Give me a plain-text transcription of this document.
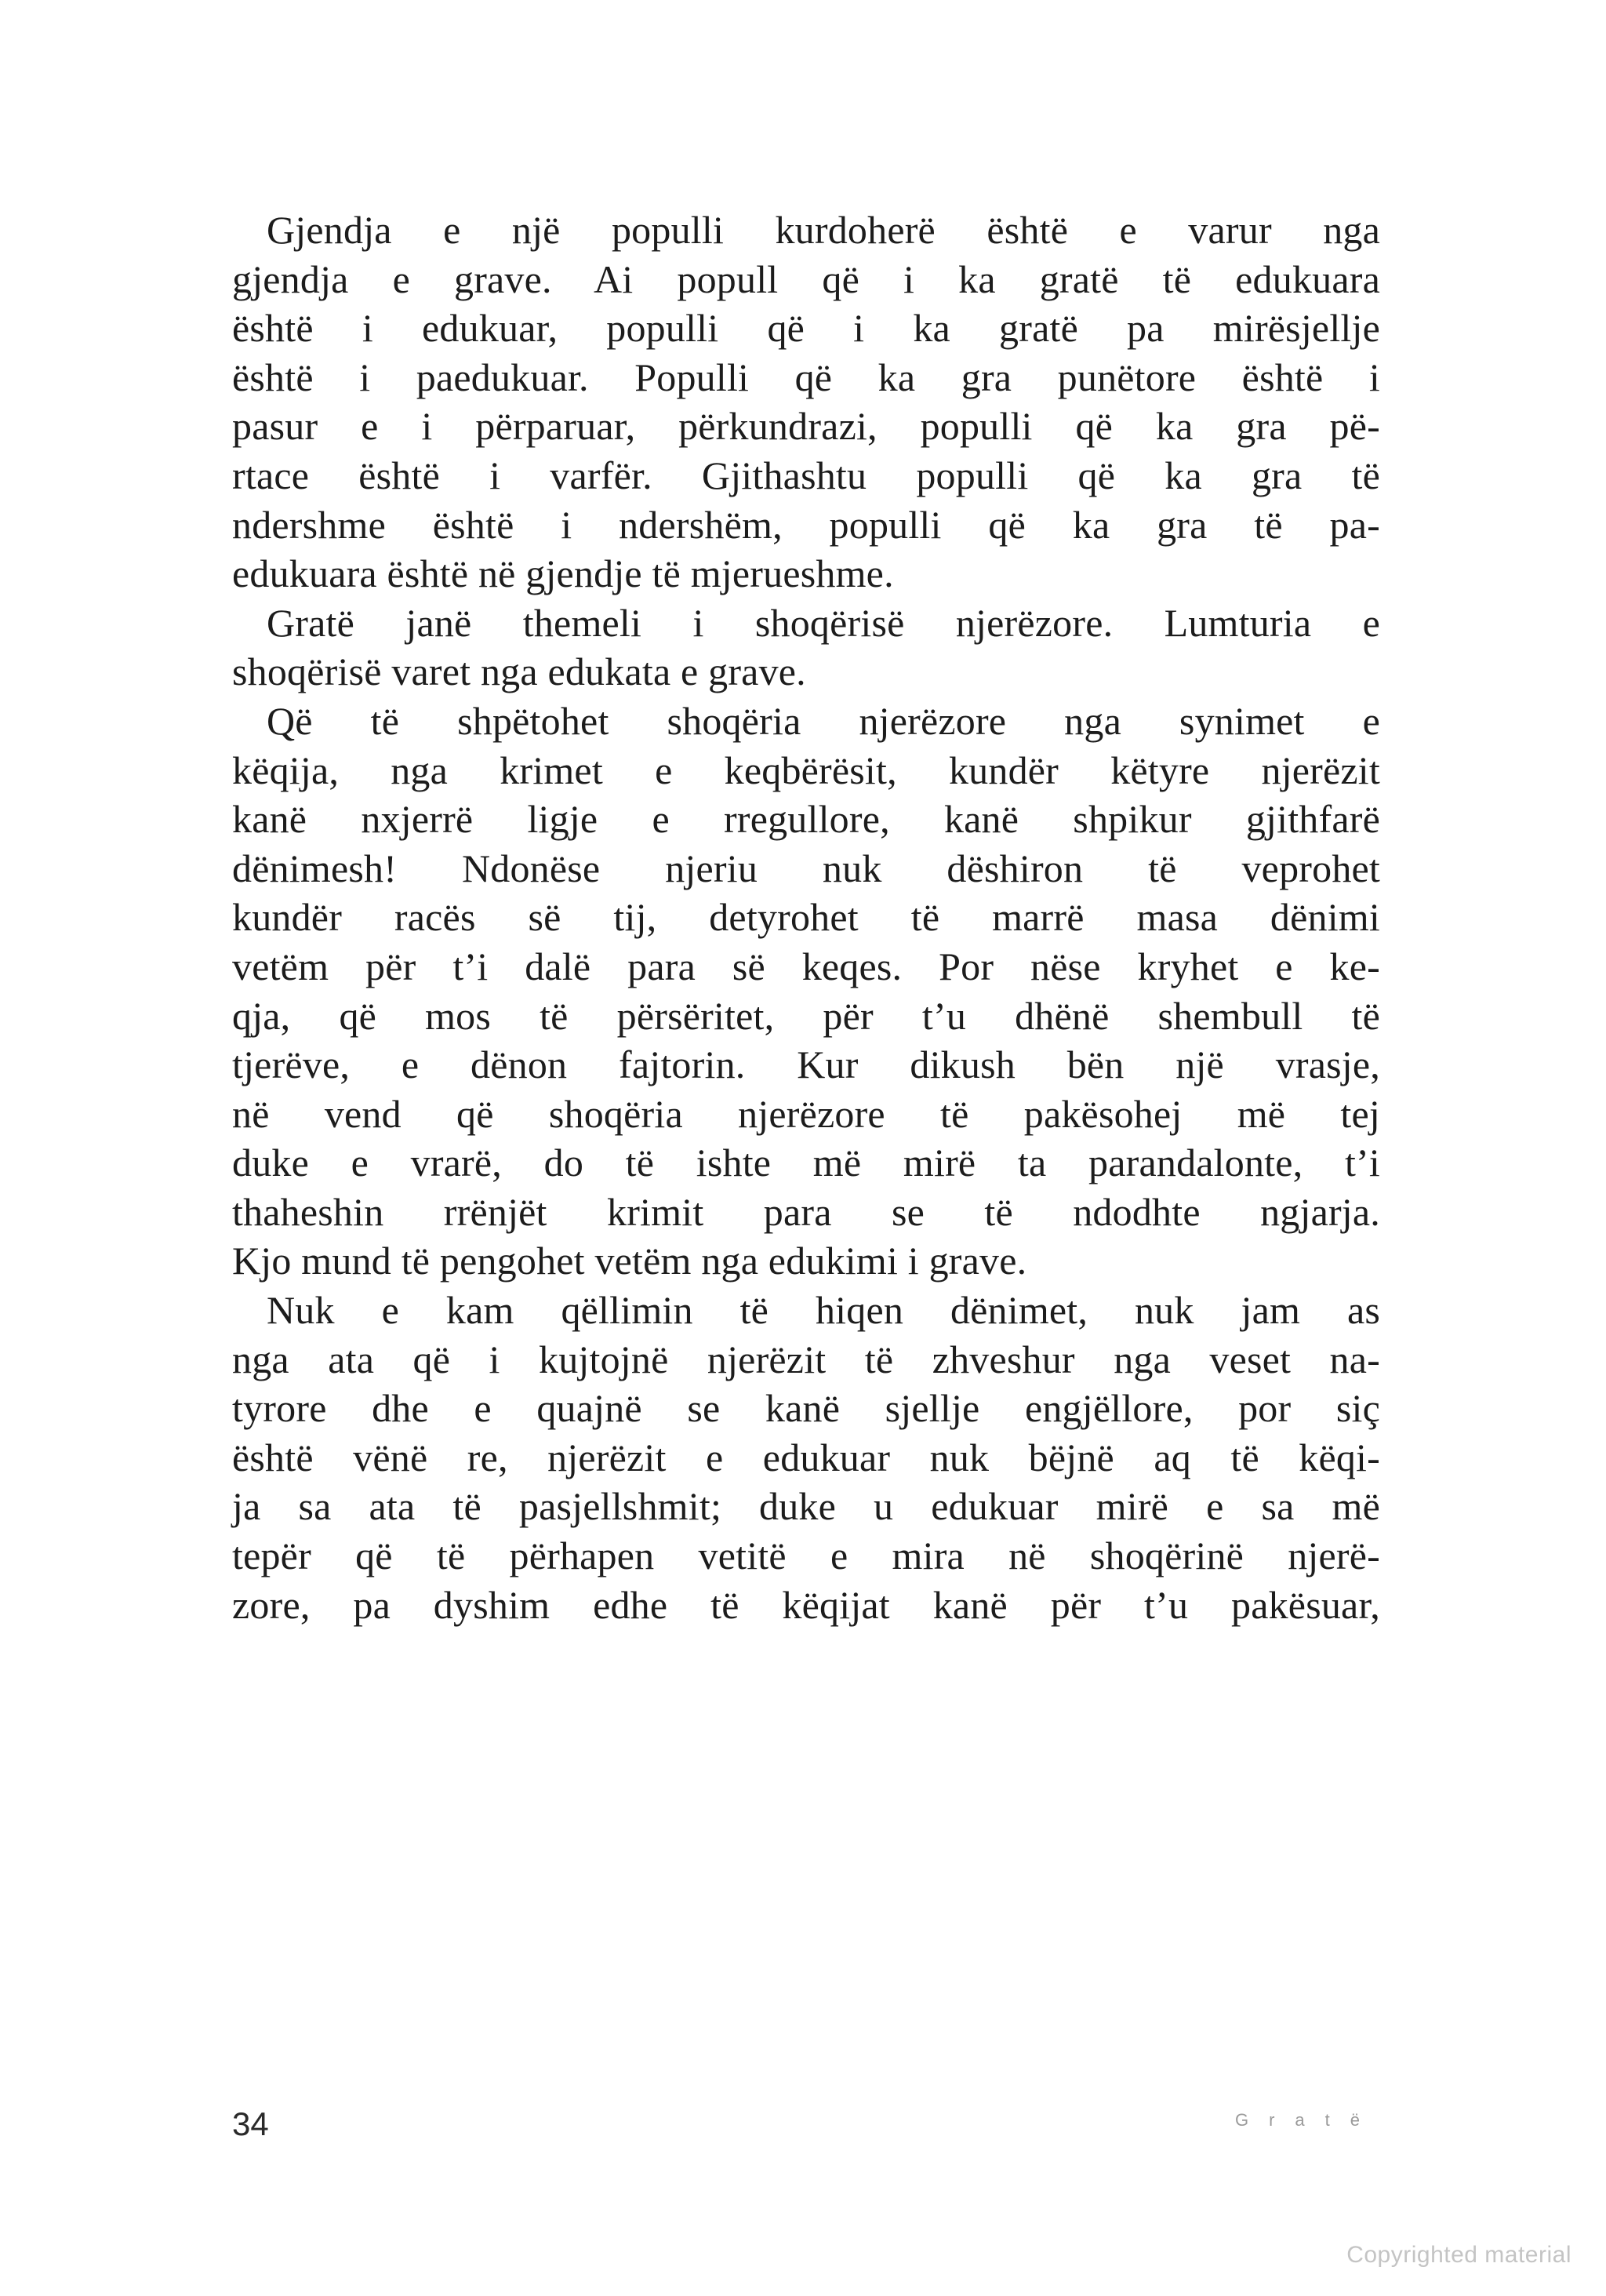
Gjendja e një populli kurdoherë është e varur nga
gjendja e grave. Ai popull që i ka gratë të edukuara
është i edukuar, populli që i ka gratë pa mirësjellje
është i paedukuar. Populli që ka gra punëtore është i
pasur e i përparuar, përkundrazi, populli që ka gra pë-
rtace është i varfër. Gjithashtu populli që ka gra të
ndershme është i ndershëm, populli që ka gra të pa-
edukuara është në gjendje të mjerueshme.
Gratë janë themeli i shoqërisë njerëzore. Lumturia e
shoqërisë varet nga edukata e grave.
Që të shpëtohet shoqëria njerëzore nga synimet e
këqija, nga krimet e keqbërësit, kundër këtyre njerëzit
kanë nxjerrë ligje e rregullore, kanë shpikur gjithfarë
dënimesh! Ndonëse njeriu nuk dëshiron të veprohet
kundër racës së tij, detyrohet të marrë masa dënimi
vetëm për t’i dalë para së keqes. Por nëse kryhet e ke-
qja, që mos të përsëritet, për t’u dhënë shembull të
tjerëve, e dënon fajtorin. Kur dikush bën një vrasje,
në vend që shoqëria njerëzore të pakësohej më tej
duke e vrarë, do të ishte më mirë ta parandalonte, t’i
thaheshin rrënjët krimit para se të ndodhte ngjarja.
Kjo mund të pengohet vetëm nga edukimi i grave.
Nuk e kam qëllimin të hiqen dënimet, nuk jam as
nga ata që i kujtojnë njerëzit të zhveshur nga veset na-
tyrore dhe e quajnë se kanë sjellje engjëllore, por siç
është vënë re, njerëzit e edukuar nuk bëjnë aq të këqi-
ja sa ata të pasjellshmit; duke u edukuar mirë e sa më
tepër që të përhapen vetitë e mira në shoqërinë njerë-
zore, pa dyshim edhe të këqijat kanë për t’u pakësuar,
34	Gratë
Copyrighted material
